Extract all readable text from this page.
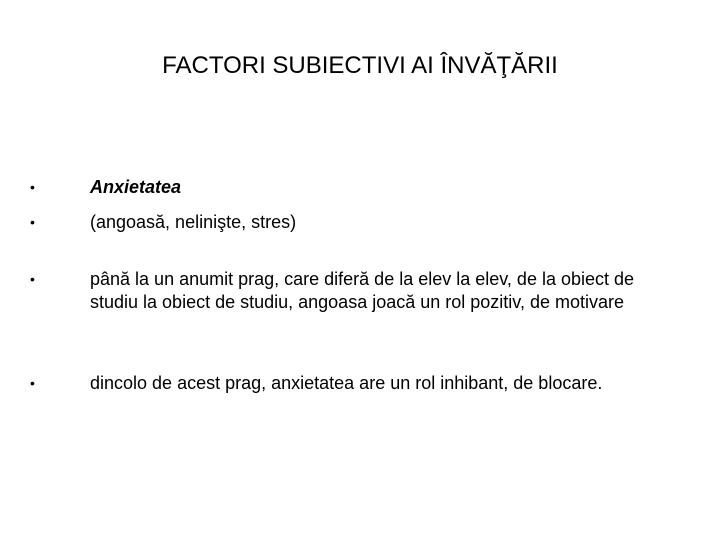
FACTORI SUBIECTIVI AI ÎNVĂŢĂRII
•	Anxietatea
•	(angoasă, nelinişte, stres)
•	până la un anumit prag, care diferă de la elev la elev, de la obiect de studiu la obiect de studiu, angoasa joacă un rol pozitiv, de motivare
•	dincolo de acest prag, anxietatea are un rol inhibant, de blocare.
